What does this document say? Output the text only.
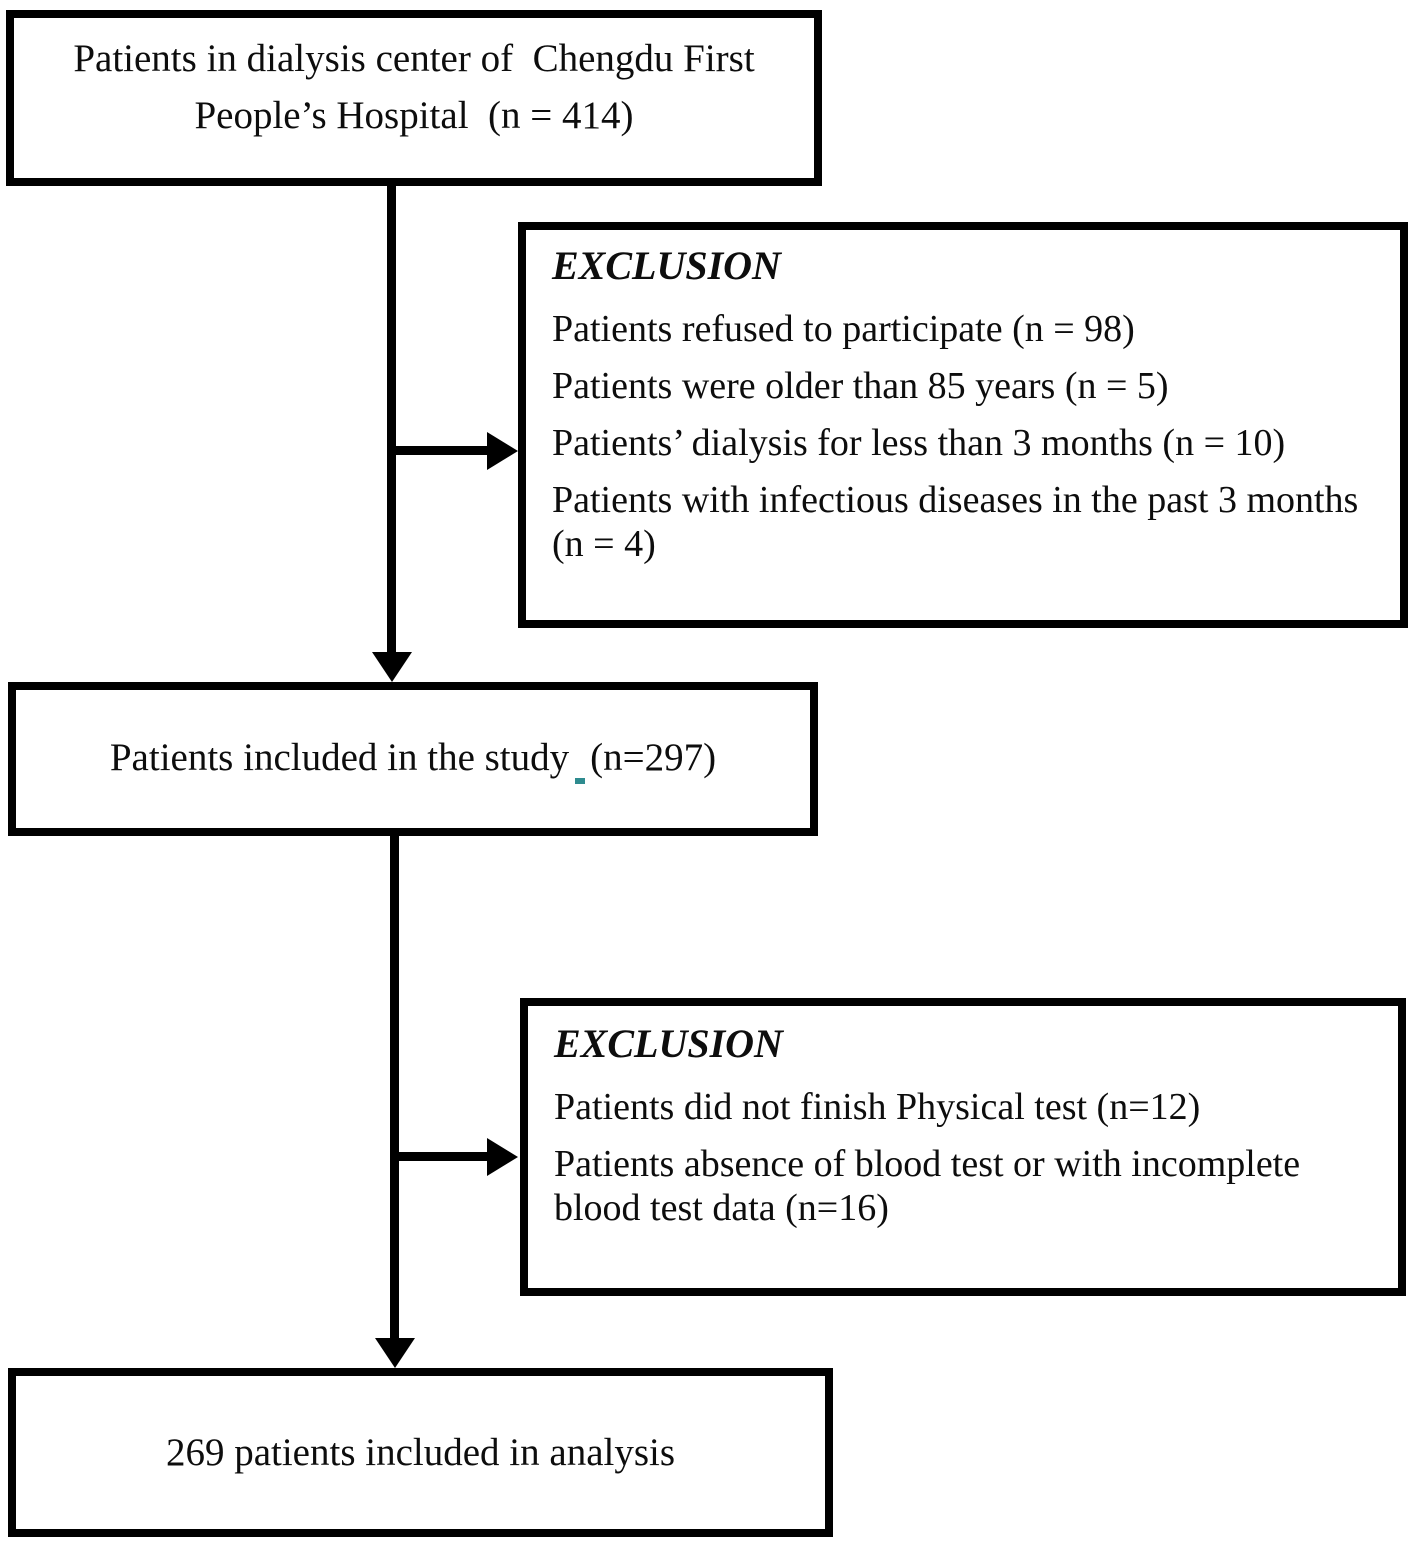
Patients in dialysis center of  Chengdu First
People’s Hospital  (n = 414)
EXCLUSION

Patients refused to participate (n = 98)

Patients were older than 85 years (n = 5)

Patients’ dialysis for less than 3 months (n = 10)

Patients with infectious diseases in the past 3 months (n = 4)

Patients included in the study (n=297)
EXCLUSION

Patients did not finish Physical test (n=12)

Patients absence of blood test or with incomplete blood test data (n=16)

269 patients included in analysis
